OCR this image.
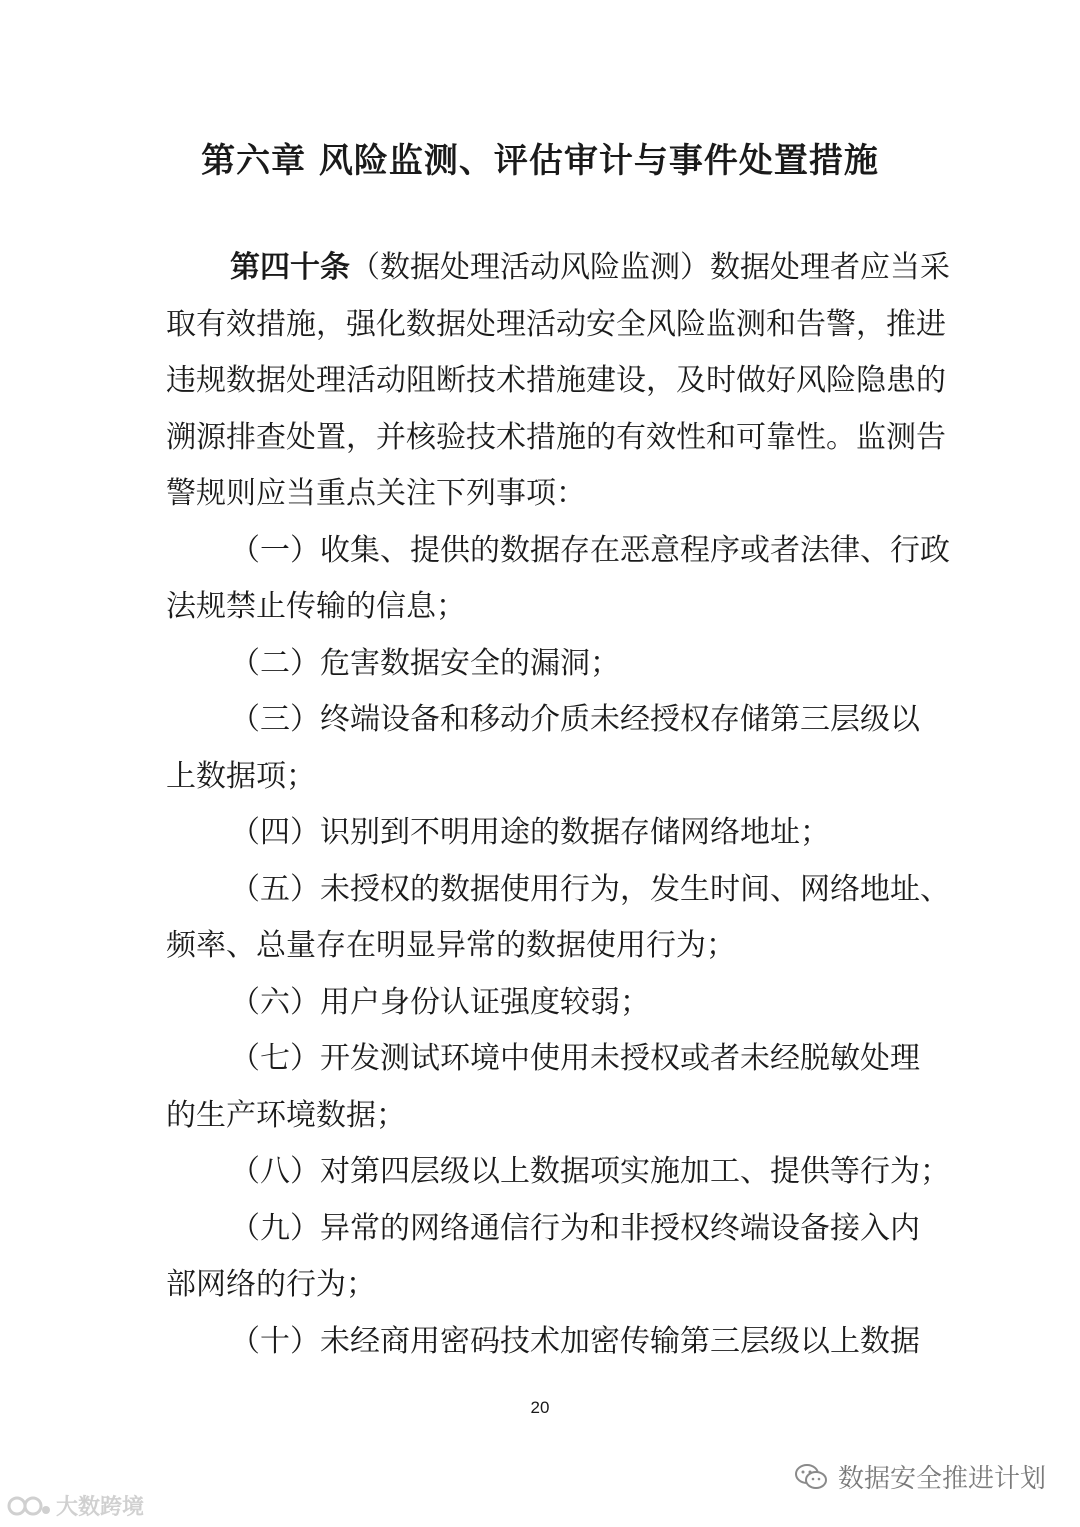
第六章 风险监测、评估审计与事件处置措施
第四十条（数据处理活动风险监测）数据处理者应当采
取有效措施，强化数据处理活动安全风险监测和告警，推进
违规数据处理活动阻断技术措施建设，及时做好风险隐患的
溯源排查处置，并核验技术措施的有效性和可靠性。监测告
警规则应当重点关注下列事项：
（一）收集、提供的数据存在恶意程序或者法律、行政
法规禁止传输的信息；
（二）危害数据安全的漏洞；
（三）终端设备和移动介质未经授权存储第三层级以
上数据项；
（四）识别到不明用途的数据存储网络地址；
（五）未授权的数据使用行为，发生时间、网络地址、
频率、总量存在明显异常的数据使用行为；
（六）用户身份认证强度较弱；
（七）开发测试环境中使用未授权或者未经脱敏处理
的生产环境数据；
（八）对第四层级以上数据项实施加工、提供等行为；
（九）异常的网络通信行为和非授权终端设备接入内
部网络的行为；
（十）未经商用密码技术加密传输第三层级以上数据
20
数据安全推进计划
大数跨境
